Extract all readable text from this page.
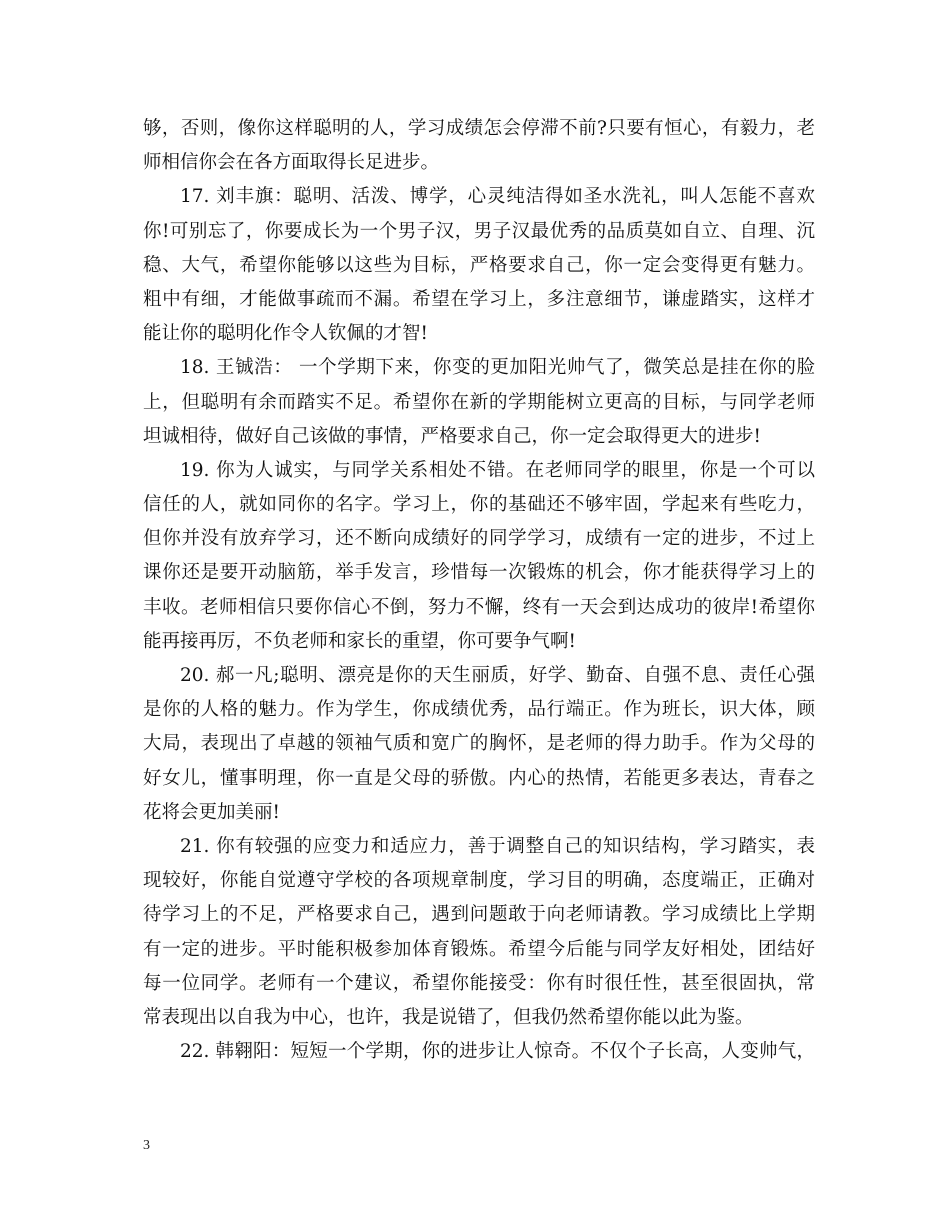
够，否则，像你这样聪明的人，学习成绩怎会停滞不前?只要有恒心，有毅力，老
师相信你会在各方面取得长足进步。
17. 刘丰旗：聪明、活泼、博学，心灵纯洁得如圣水洗礼，叫人怎能不喜欢
你!可别忘了，你要成长为一个男子汉，男子汉最优秀的品质莫如自立、自理、沉
稳、大气，希望你能够以这些为目标，严格要求自己，你一定会变得更有魅力。
粗中有细，才能做事疏而不漏。希望在学习上，多注意细节，谦虚踏实，这样才
能让你的聪明化作令人钦佩的才智!
18. 王铖浩： 一个学期下来，你变的更加阳光帅气了，微笑总是挂在你的脸
上，但聪明有余而踏实不足。希望你在新的学期能树立更高的目标，与同学老师
坦诚相待，做好自己该做的事情，严格要求自己，你一定会取得更大的进步!
19. 你为人诚实，与同学关系相处不错。在老师同学的眼里，你是一个可以
信任的人，就如同你的名字。学习上，你的基础还不够牢固，学起来有些吃力，
但你并没有放弃学习，还不断向成绩好的同学学习，成绩有一定的进步，不过上
课你还是要开动脑筋，举手发言，珍惜每一次锻炼的机会，你才能获得学习上的
丰收。老师相信只要你信心不倒，努力不懈，终有一天会到达成功的彼岸!希望你
能再接再厉，不负老师和家长的重望，你可要争气啊!
20. 郝一凡;聪明、漂亮是你的天生丽质，好学、勤奋、自强不息、责任心强
是你的人格的魅力。作为学生，你成绩优秀，品行端正。作为班长，识大体，顾
大局，表现出了卓越的领袖气质和宽广的胸怀，是老师的得力助手。作为父母的
好女儿，懂事明理，你一直是父母的骄傲。内心的热情，若能更多表达，青春之
花将会更加美丽!
21. 你有较强的应变力和适应力，善于调整自己的知识结构，学习踏实，表
现较好，你能自觉遵守学校的各项规章制度，学习目的明确，态度端正，正确对
待学习上的不足，严格要求自己，遇到问题敢于向老师请教。学习成绩比上学期
有一定的进步。平时能积极参加体育锻炼。希望今后能与同学友好相处，团结好
每一位同学。老师有一个建议，希望你能接受：你有时很任性，甚至很固执，常
常表现出以自我为中心，也许，我是说错了，但我仍然希望你能以此为鉴。
22. 韩翱阳：短短一个学期，你的进步让人惊奇。不仅个子长高，人变帅气，
3
